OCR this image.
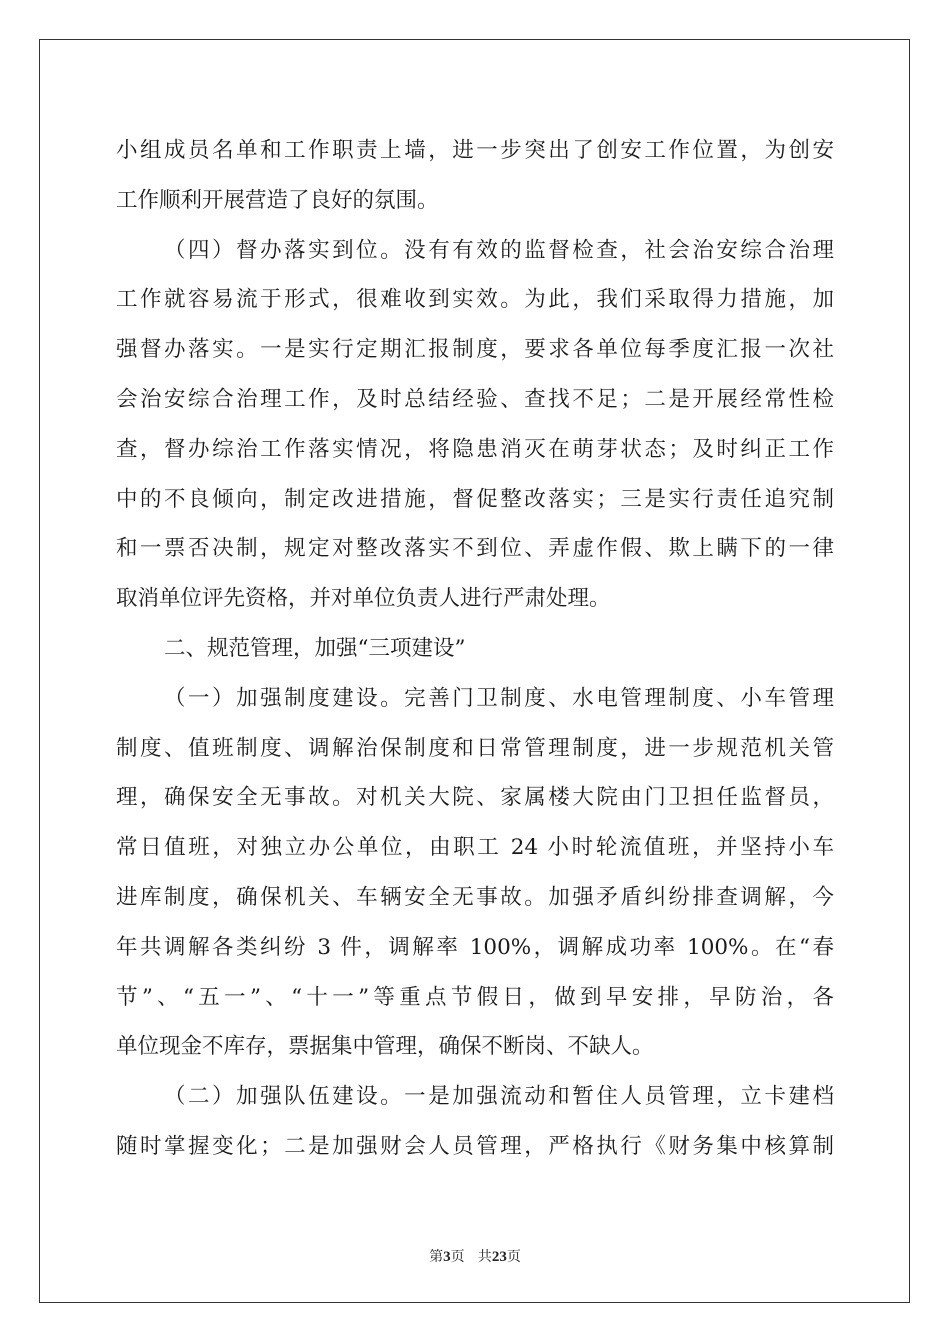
小组成员名单和工作职责上墙，进一步突出了创安工作位置，为创安
工作顺利开展营造了良好的氛围。
（四）督办落实到位。没有有效的监督检查，社会治安综合治理
工作就容易流于形式，很难收到实效。为此，我们采取得力措施，加
强督办落实。一是实行定期汇报制度，要求各单位每季度汇报一次社
会治安综合治理工作，及时总结经验、查找不足；二是开展经常性检
查，督办综治工作落实情况，将隐患消灭在萌芽状态；及时纠正工作
中的不良倾向，制定改进措施，督促整改落实；三是实行责任追究制
和一票否决制，规定对整改落实不到位、弄虚作假、欺上瞒下的一律
取消单位评先资格，并对单位负责人进行严肃处理。
二、规范管理，加强“三项建设”
（一）加强制度建设。完善门卫制度、水电管理制度、小车管理
制度、值班制度、调解治保制度和日常管理制度，进一步规范机关管
理，确保安全无事故。对机关大院、家属楼大院由门卫担任监督员，
常日值班，对独立办公单位，由职工 24 小时轮流值班，并坚持小车
进库制度，确保机关、车辆安全无事故。加强矛盾纠纷排查调解，今
年共调解各类纠纷 3 件，调解率 100%，调解成功率 100%。在“春
节”、“五一”、“十一”等重点节假日，做到早安排，早防治，各
单位现金不库存，票据集中管理，确保不断岗、不缺人。
（二）加强队伍建设。一是加强流动和暂住人员管理，立卡建档
随时掌握变化；二是加强财会人员管理，严格执行《财务集中核算制
第3页 共23页
